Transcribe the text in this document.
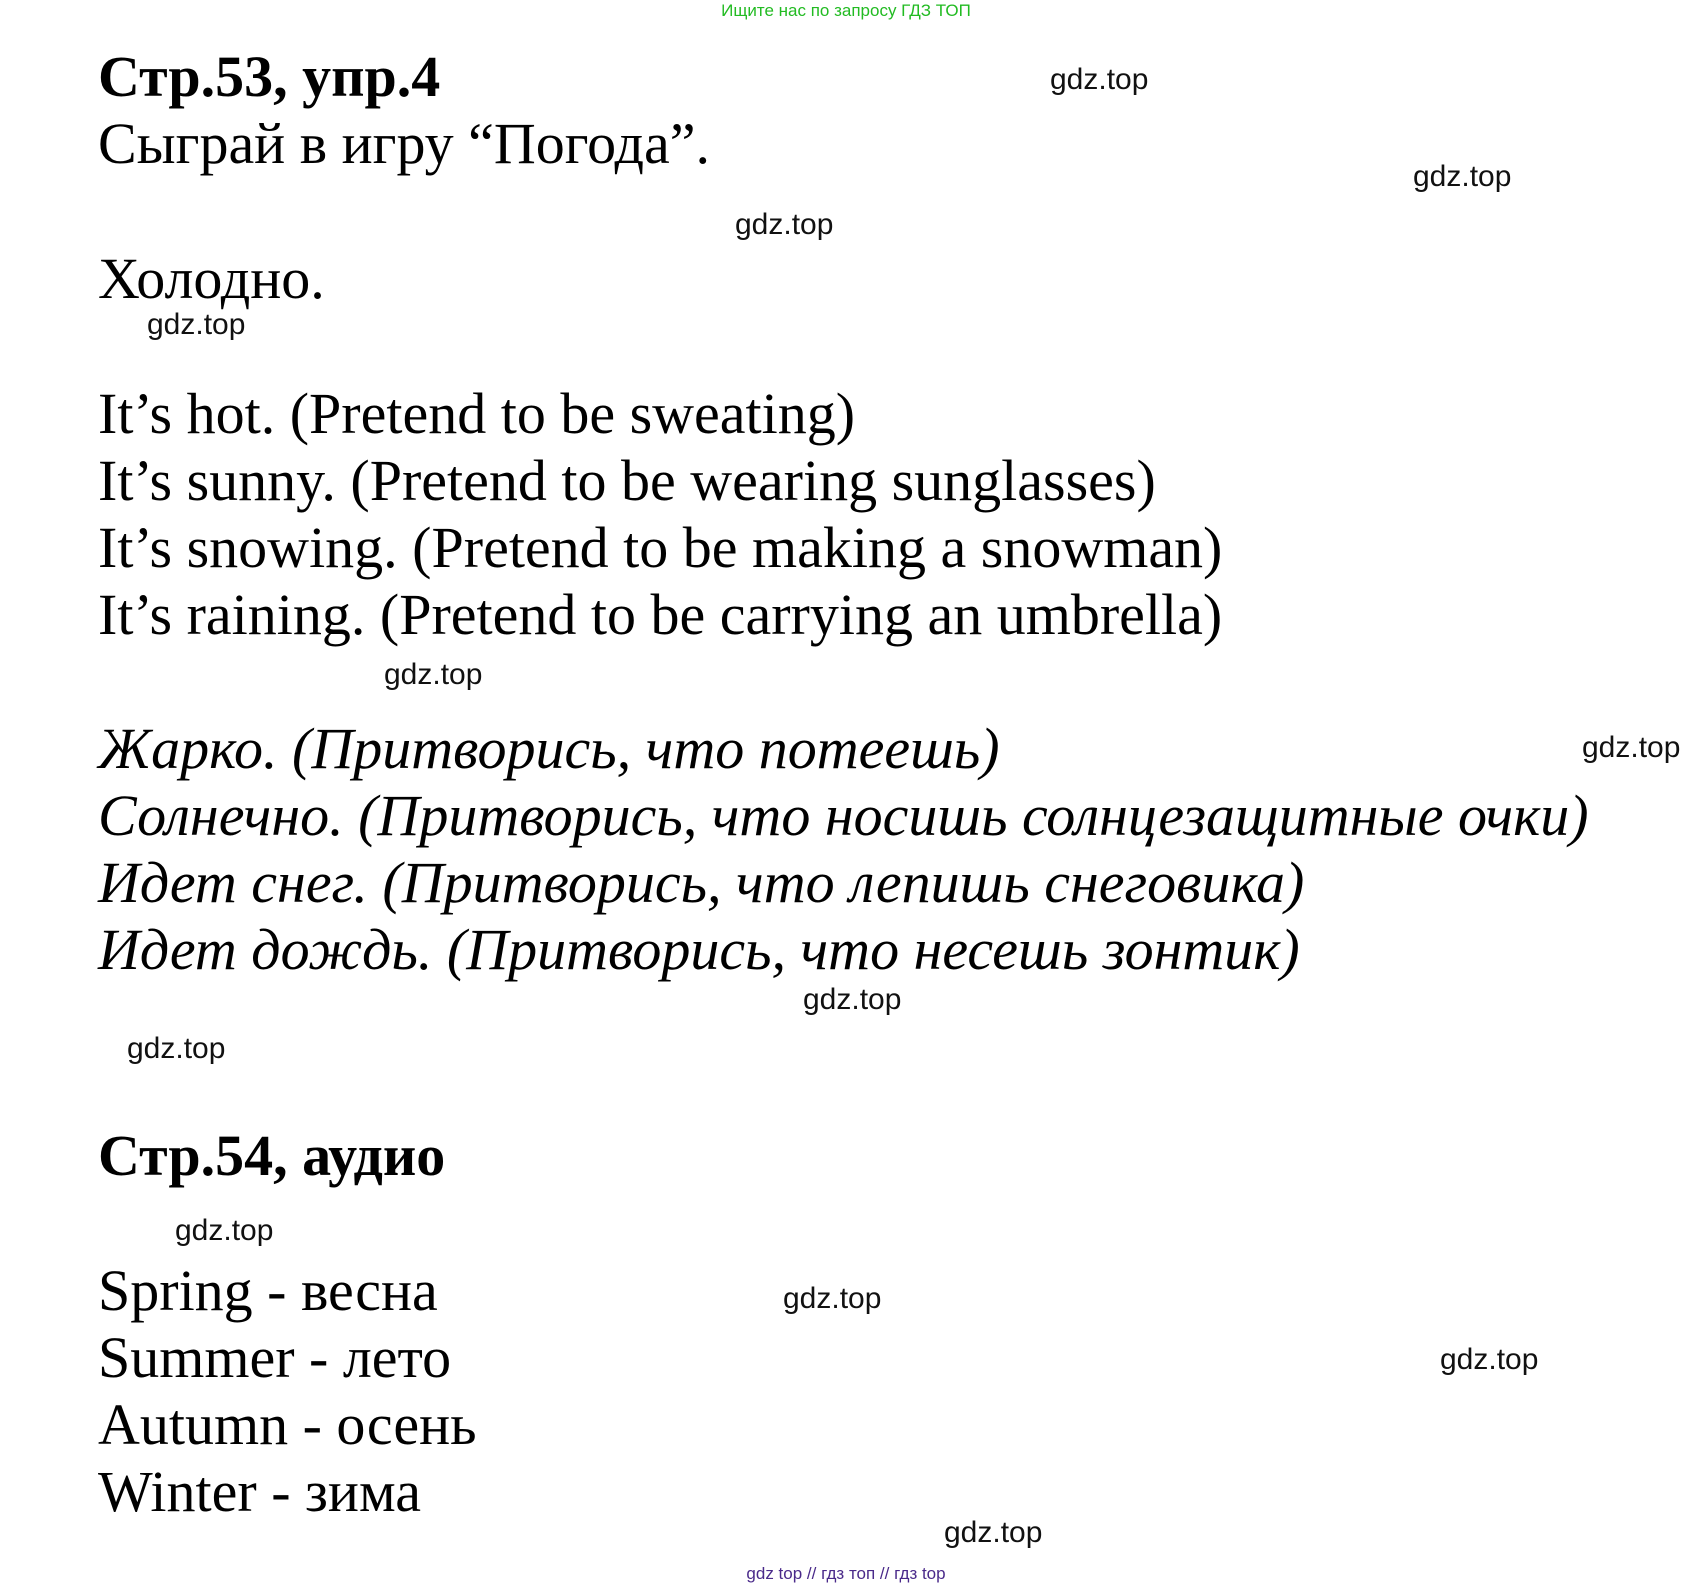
Ищите нас по запросу ГДЗ ТОП
Стр.53, упр.4
Сыграй в игру “Погода”.
Холодно.
It’s hot. (Pretend to be sweating)
It’s sunny. (Pretend to be wearing sunglasses)
It’s snowing. (Pretend to be making a snowman)
It’s raining. (Pretend to be carrying an umbrella)
Жарко. (Притворись, что потеешь)
Солнечно. (Притворись, что носишь солнцезащитные очки)
Идет снег. (Притворись, что лепишь снеговика)
Идет дождь. (Притворись, что несешь зонтик)
Стр.54, аудио
Spring - весна
Summer - лето
Autumn - осень
Winter - зима
gdz.top
gdz.top
gdz.top
gdz.top
gdz.top
gdz.top
gdz.top
gdz.top
gdz.top
gdz.top
gdz.top
gdz.top
gdz top // гдз топ // гдз top
